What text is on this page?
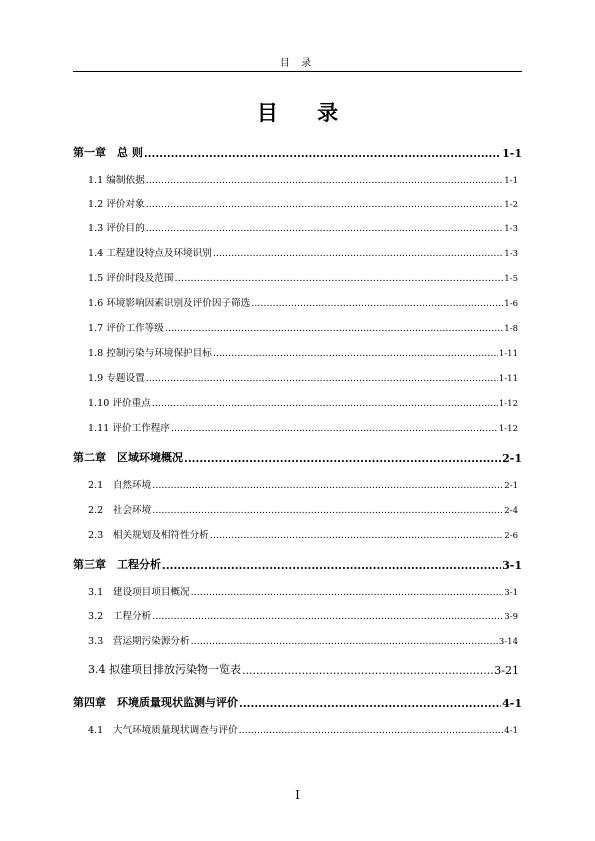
目 录
目 录
第一章　总 则 .....	1-1
1.1 编制依据 .....	1-1
1.2 评价对象 .....	1-2
1.3 评价目的 .....	1-3
1.4 工程建设特点及环境识别 .....	1-3
1.5 评价时段及范围 ………………………………………………………………………………………………………………………………………	1-5
1.6 环境影响因素识别及评价因子筛选 .....	1-6
1.7 评价工作等级 .....	1-8
1.8 控制污染与环境保护目标 .....	1-11
1.9 专题设置 .....	1-11
1.10 评价重点 .....	1-12
1.11 评价工作程序 .....	1-12
第二章　区域环境概况 .....	2-1
2.1　自然环境 .....	2-1
2.2　社会环境 .....	2-4
2.3　相关规划及相符性分析 .....	2-6
第三章　工程分析 .....	3-1
3.1　建设项目项目概况 .....	3-1
3.2　工程分析 .....	3-9
3.3　营运期污染源分析 .....	3-14
3.4 拟建项目排放污染物一览表 .....	3-21
第四章　环境质量现状监测与评价 .....	4-1
4.1　大气环境质量现状调查与评价 .....	4-1
I
